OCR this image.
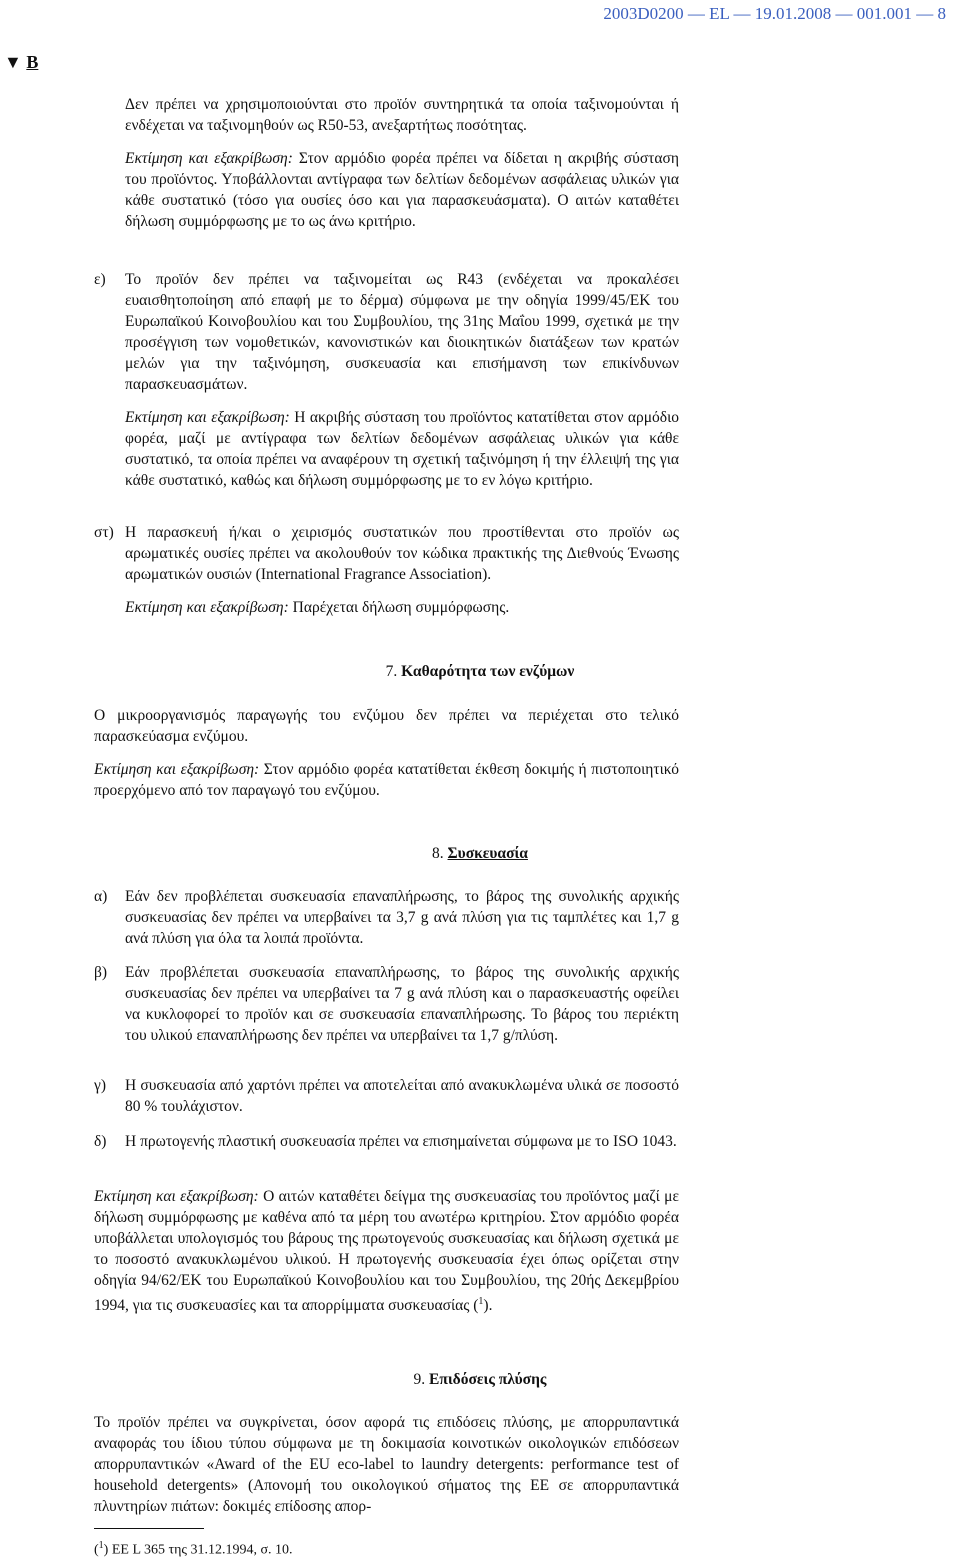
2003D0200 — EL — 19.01.2008 — 001.001 — 8
▼ B

Δεν πρέπει να χρησιμοποιούνται στο προϊόν συντηρητικά τα οποία ταξινομούνται ή ενδέχεται να ταξινομηθούν ως R50-53, ανεξαρτήτως ποσότητας.

Εκτίμηση και εξακρίβωση: Στον αρμόδιο φορέα πρέπει να δίδεται η ακριβής σύσταση του προϊόντος. Υποβάλλονται αντίγραφα των δελτίων δεδομένων ασφάλειας υλικών για κάθε συστατικό (τόσο για ουσίες όσο και για παρασκευάσματα). Ο αιτών καταθέτει δήλωση συμμόρφωσης με το ως άνω κριτήριο.

ε) Το προϊόν δεν πρέπει να ταξινομείται ως R43 (ενδέχεται να προκαλέσει ευαισθητοποίηση από επαφή με το δέρμα) σύμφωνα με την οδηγία 1999/45/ΕΚ του Ευρωπαϊκού Κοινοβουλίου και του Συμβουλίου, της 31ης Μαΐου 1999, σχετικά με την προσέγγιση των νομοθετικών, κανονιστικών και διοικητικών διατάξεων των κρατών μελών για την ταξινόμηση, συσκευασία και επισήμανση των επικίνδυνων παρασκευασμάτων.

Εκτίμηση και εξακρίβωση: Η ακριβής σύσταση του προϊόντος κατατίθεται στον αρμόδιο φορέα, μαζί με αντίγραφα των δελτίων δεδομένων ασφάλειας υλικών για κάθε συστατικό, τα οποία πρέπει να αναφέρουν τη σχετική ταξινόμηση ή την έλλειψή της για κάθε συστατικό, καθώς και δήλωση συμμόρφωσης με το εν λόγω κριτήριο.

στ) Η παρασκευή ή/και ο χειρισμός συστατικών που προστίθενται στο προϊόν ως αρωματικές ουσίες πρέπει να ακολουθούν τον κώδικα πρακτικής της Διεθνούς Ένωσης αρωματικών ουσιών (International Fragrance Association).

Εκτίμηση και εξακρίβωση: Παρέχεται δήλωση συμμόρφωσης.

7. Καθαρότητα των ενζύμων

Ο μικροοργανισμός παραγωγής του ενζύμου δεν πρέπει να περιέχεται στο τελικό παρασκεύασμα ενζύμου.

Εκτίμηση και εξακρίβωση: Στον αρμόδιο φορέα κατατίθεται έκθεση δοκιμής ή πιστοποιητικό προερχόμενο από τον παραγωγό του ενζύμου.

8. Συσκευασία
α) Εάν δεν προβλέπεται συσκευασία επαναπλήρωσης, το βάρος της συνολικής αρχικής συσκευασίας δεν πρέπει να υπερβαίνει τα 3,7 g ανά πλύση για τις ταμπλέτες και 1,7 g ανά πλύση για όλα τα λοιπά προϊόντα.

β) Εάν προβλέπεται συσκευασία επαναπλήρωσης, το βάρος της συνολικής αρχικής συσκευασίας δεν πρέπει να υπερβαίνει τα 7 g ανά πλύση και ο παρασκευαστής οφείλει να κυκλοφορεί το προϊόν και σε συσκευασία επαναπλήρωσης. Το βάρος του περιέκτη του υλικού επαναπλήρωσης δεν πρέπει να υπερβαίνει τα 1,7 g/πλύση.

γ) Η συσκευασία από χαρτόνι πρέπει να αποτελείται από ανακυκλωμένα υλικά σε ποσοστό 80 % τουλάχιστον.

δ) Η πρωτογενής πλαστική συσκευασία πρέπει να επισημαίνεται σύμφωνα με το ISO 1043.

Εκτίμηση και εξακρίβωση: Ο αιτών καταθέτει δείγμα της συσκευασίας του προϊόντος μαζί με δήλωση συμμόρφωσης με καθένα από τα μέρη του ανωτέρω κριτηρίου. Στον αρμόδιο φορέα υποβάλλεται υπολογισμός του βάρους της πρωτογενούς συσκευασίας και δήλωση σχετικά με το ποσοστό ανακυκλωμένου υλικού. Η πρωτογενής συσκευασία έχει όπως ορίζεται στην οδηγία 94/62/ΕΚ του Ευρωπαϊκού Κοινοβουλίου και του Συμβουλίου, της 20ής Δεκεμβρίου 1994, για τις συσκευασίες και τα απορρίμματα συσκευασίας ($^1$).

9. Επιδόσεις πλύσης

Το προϊόν πρέπει να συγκρίνεται, όσον αφορά τις επιδόσεις πλύσης, με απορρυπαντικά αναφοράς του ίδιου τύπου σύμφωνα με τη δοκιμασία κοινοτικών οικολογικών επιδόσεων απορρυπαντικών «Award of the EU eco-label to laundry detergents: performance test of household detergents» (Απονομή του οικολογικού σήματος της ΕΕ σε απορρυπαντικά πλυντηρίων πιάτων: δοκιμές επίδοσης απορ-

($^1$) ΕΕ L 365 της 31.12.1994, σ. 10.
